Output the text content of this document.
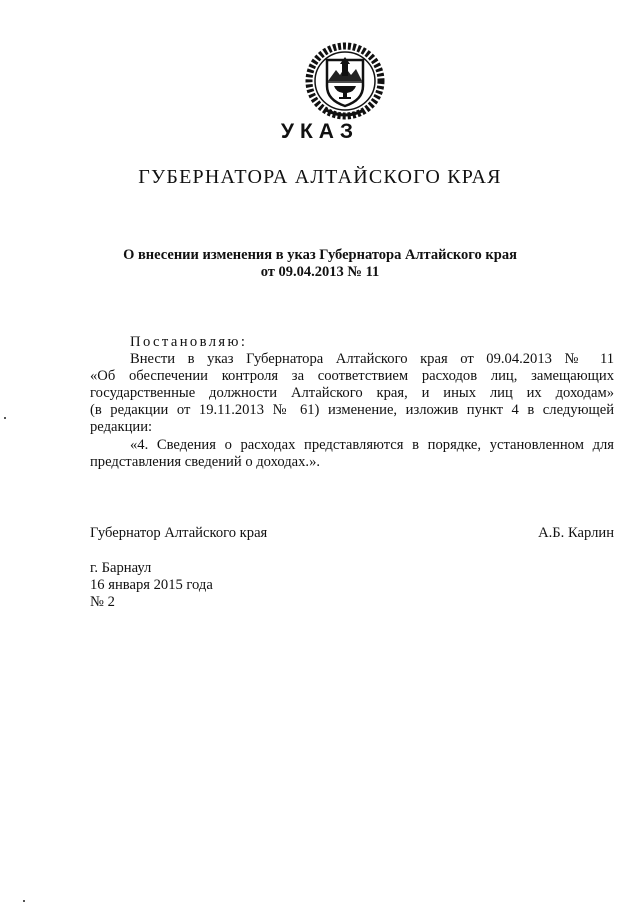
УКАЗ
ГУБЕРНАТОРА АЛТАЙСКОГО КРАЯ
О внесении изменения в указ Губернатора Алтайского края
от 09.04.2013 № 11
Постановляю:
Внести в указ Губернатора Алтайского края от 09.04.2013 № 11
«Об обеспечении контроля за соответствием расходов лиц, замещающих
государственные должности Алтайского края, и иных лиц их доходам»
(в редакции от 19.11.2013 № 61) изменение, изложив пункт 4 в следующей
редакции:
«4. Сведения о расходах представляются в порядке, установленном для
представления сведений о доходах.».
Губернатор Алтайского края	А.Б. Карлин
г. Барнаул
16 января 2015 года
№ 2
